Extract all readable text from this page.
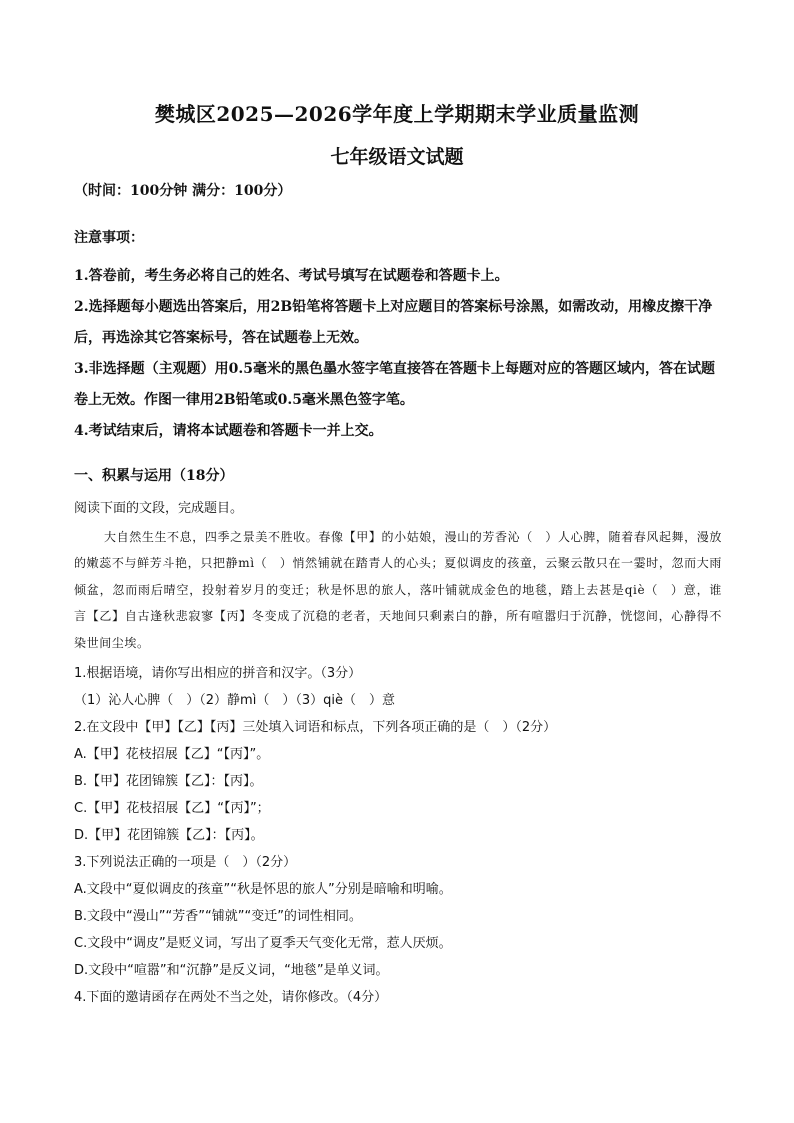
樊城区2025—2026学年度上学期期末学业质量监测
七年级语文试题
（时间：100分钟 满分：100分）
注意事项：
1.答卷前，考生务必将自己的姓名、考试号填写在试题卷和答题卡上。
2.选择题每小题选出答案后，用2B铅笔将答题卡上对应题目的答案标号涂黑，如需改动，用橡皮擦干净后，再选涂其它答案标号，答在试题卷上无效。
3.非选择题（主观题）用0.5毫米的黑色墨水签字笔直接答在答题卡上每题对应的答题区域内，答在试题卷上无效。作图一律用2B铅笔或0.5毫米黑色签字笔。
4.考试结束后，请将本试题卷和答题卡一并上交。
一、积累与运用（18分）
阅读下面的文段，完成题目。
大自然生生不息，四季之景美不胜收。春像【甲】的小姑娘，漫山的芳香沁（　）人心脾，随着春风起舞，漫放的嫩蕊不与鲜芳斗艳，只把静mì（　）悄然铺就在踏青人的心头；夏似调皮的孩童，云聚云散只在一霎时，忽而大雨倾盆，忽而雨后晴空，投射着岁月的变迁；秋是怀思的旅人，落叶铺就成金色的地毯，踏上去甚是qiè（　）意，谁言【乙】自古逢秋悲寂寥【丙】冬变成了沉稳的老者，天地间只剩素白的静，所有喧嚣归于沉静，恍惚间，心静得不染世间尘埃。
1.根据语境，请你写出相应的拼音和汉字。（3分）
（1）沁人心脾（　）（2）静mì（　）（3）qiè（　）意
2.在文段中【甲】【乙】【丙】三处填入词语和标点，下列各项正确的是（　）（2分）
A.【甲】花枝招展【乙】“【丙】”。
B.【甲】花团锦簇【乙】：【丙】。
C.【甲】花枝招展【乙】“【丙】”；
D.【甲】花团锦簇【乙】：【丙】。
3.下列说法正确的一项是（　）（2分）
A.文段中“夏似调皮的孩童”“秋是怀思的旅人”分别是暗喻和明喻。
B.文段中“漫山”“芳香”“铺就”“变迁”的词性相同。
C.文段中“调皮”是贬义词，写出了夏季天气变化无常，惹人厌烦。
D.文段中“喧嚣”和“沉静”是反义词，“地毯”是单义词。
4.下面的邀请函存在两处不当之处，请你修改。（4分）
